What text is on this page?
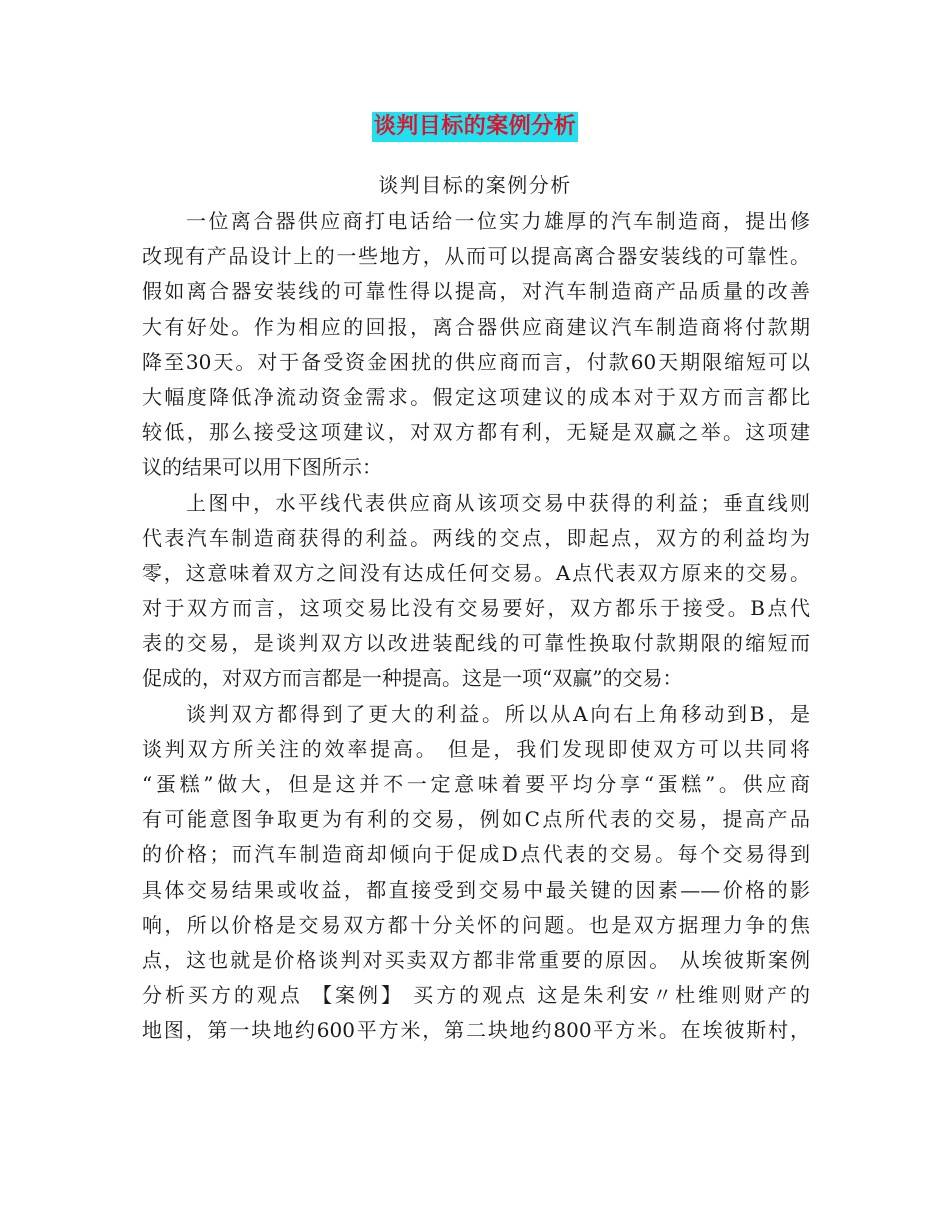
谈判目标的案例分析
谈判目标的案例分析
一位离合器供应商打电话给一位实力雄厚的汽车制造商，提出修
改现有产品设计上的一些地方，从而可以提高离合器安装线的可靠性。
假如离合器安装线的可靠性得以提高，对汽车制造商产品质量的改善
大有好处。作为相应的回报，离合器供应商建议汽车制造商将付款期
降至30天。对于备受资金困扰的供应商而言，付款60天期限缩短可以
大幅度降低净流动资金需求。假定这项建议的成本对于双方而言都比
较低，那么接受这项建议，对双方都有利，无疑是双赢之举。这项建
议的结果可以用下图所示：
上图中，水平线代表供应商从该项交易中获得的利益；垂直线则
代表汽车制造商获得的利益。两线的交点，即起点，双方的利益均为
零，这意味着双方之间没有达成任何交易。A点代表双方原来的交易。
对于双方而言，这项交易比没有交易要好，双方都乐于接受。B点代
表的交易，是谈判双方以改进装配线的可靠性换取付款期限的缩短而
促成的，对双方而言都是一种提高。这是一项“双赢”的交易：
谈判双方都得到了更大的利益。所以从A向右上角移动到B，是
谈判双方所关注的效率提高。 但是，我们发现即使双方可以共同将
“蛋糕”做大，但是这并不一定意味着要平均分享“蛋糕”。供应商
有可能意图争取更为有利的交易，例如C点所代表的交易，提高产品
的价格；而汽车制造商却倾向于促成D点代表的交易。每个交易得到
具体交易结果或收益，都直接受到交易中最关键的因素——价格的影
响，所以价格是交易双方都十分关怀的问题。也是双方据理力争的焦
点，这也就是价格谈判对买卖双方都非常重要的原因。 从埃彼斯案例
分析买方的观点 【案例】 买方的观点 这是朱利安〃杜维则财产的
地图，第一块地约600平方米，第二块地约800平方米。在埃彼斯村，
